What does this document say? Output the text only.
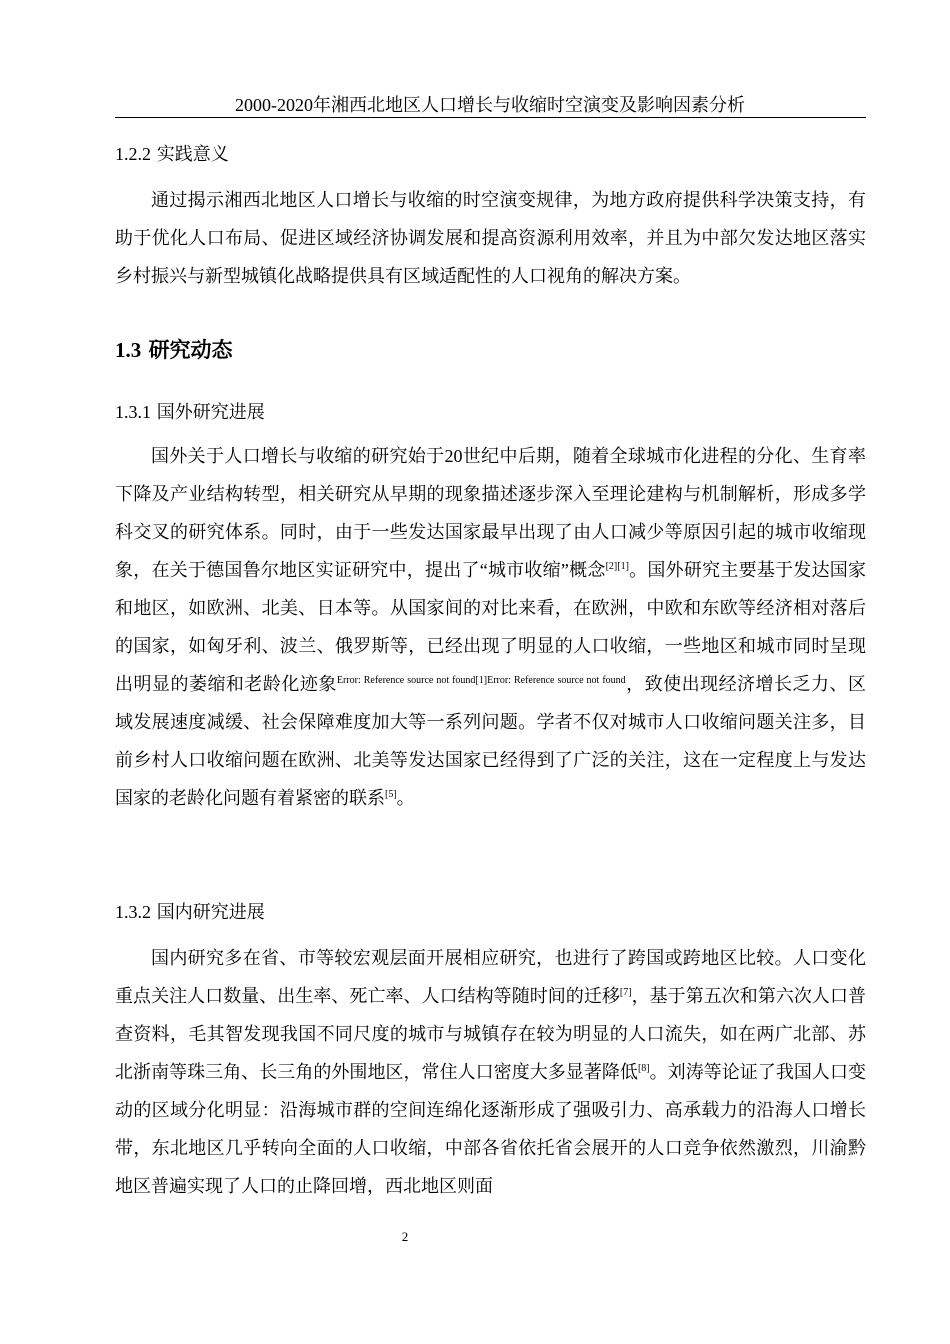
2000-2020年湘西北地区人口增长与收缩时空演变及影响因素分析
1.2.2 实践意义

通过揭示湘西北地区人口增长与收缩的时空演变规律，为地方政府提供科学决策支持，有助于优化人口布局、促进区域经济协调发展和提高资源利用效率，并且为中部欠发达地区落实乡村振兴与新型城镇化战略提供具有区域适配性的人口视角的解决方案。

1.3 研究动态
1.3.1 国外研究进展

国外关于人口增长与收缩的研究始于20世纪中后期，随着全球城市化进程的分化、生育率下降及产业结构转型，相关研究从早期的现象描述逐步深入至理论建构与机制解析，形成多学科交叉的研究体系。同时，由于一些发达国家最早出现了由人口减少等原因引起的城市收缩现象，在关于德国鲁尔地区实证研究中，提出了“城市收缩”概念[2][1]。国外研究主要基于发达国家和地区，如欧洲、北美、日本等。从国家间的对比来看，在欧洲，中欧和东欧等经济相对落后的国家，如匈牙利、波兰、俄罗斯等，已经出现了明显的人口收缩，一些地区和城市同时呈现出明显的萎缩和老龄化迹象$^{Error: Reference source not found[1]Error: Reference source not found}$，致使出现经济增长乏力、区域发展速度减缓、社会保障难度加大等一系列问题。学者不仅对城市人口收缩问题关注多，目前乡村人口收缩问题在欧洲、北美等发达国家已经得到了广泛的关注，这在一定程度上与发达国家的老龄化问题有着紧密的联系[5]。

1.3.2 国内研究进展

国内研究多在省、市等较宏观层面开展相应研究，也进行了跨国或跨地区比较。人口变化重点关注人口数量、出生率、死亡率、人口结构等随时间的迁移[7]，基于第五次和第六次人口普查资料，毛其智发现我国不同尺度的城市与城镇存在较为明显的人口流失，如在两广北部、苏北浙南等珠三角、长三角的外围地区，常住人口密度大多显著降低[8]。刘涛等论证了我国人口变动的区域分化明显：沿海城市群的空间连绵化逐渐形成了强吸引力、高承载力的沿海人口增长带，东北地区几乎转向全面的人口收缩，中部各省依托省会展开的人口竞争依然激烈，川渝黔地区普遍实现了人口的止降回增，西北地区则面

2
